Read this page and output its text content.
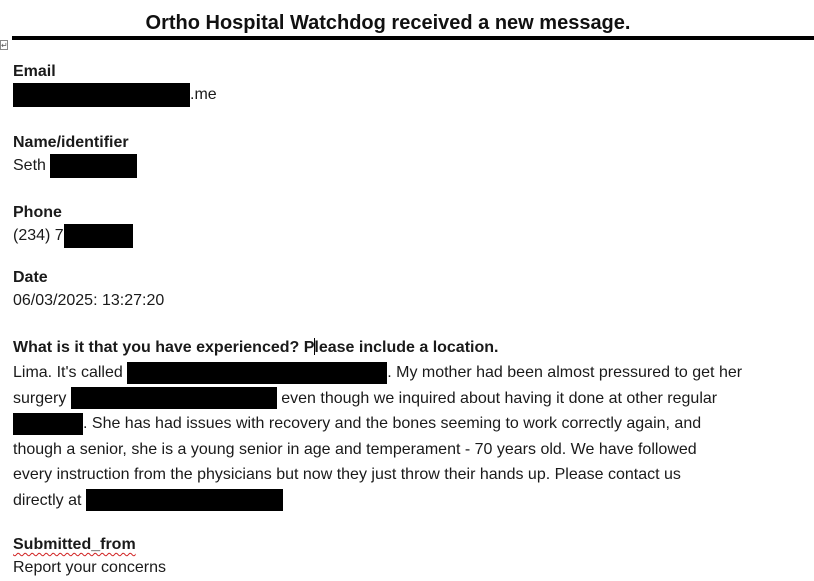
Ortho Hospital Watchdog received a new message.
↵
Email
.me
Name/identifier
Seth
Phone
(234) 7
Date
06/03/2025: 13:27:20
What is it that you have experienced? Please include a location.
Lima. It's called	. My mother had been almost pressured to get her
surgery	even though we inquired about having it done at other regular
. She has had issues with recovery and the bones seeming to work correctly again, and
though a senior, she is a young senior in age and temperament - 70 years old. We have followed
every instruction from the physicians but now they just throw their hands up. Please contact us
directly at
Submitted_from
Report your concerns
